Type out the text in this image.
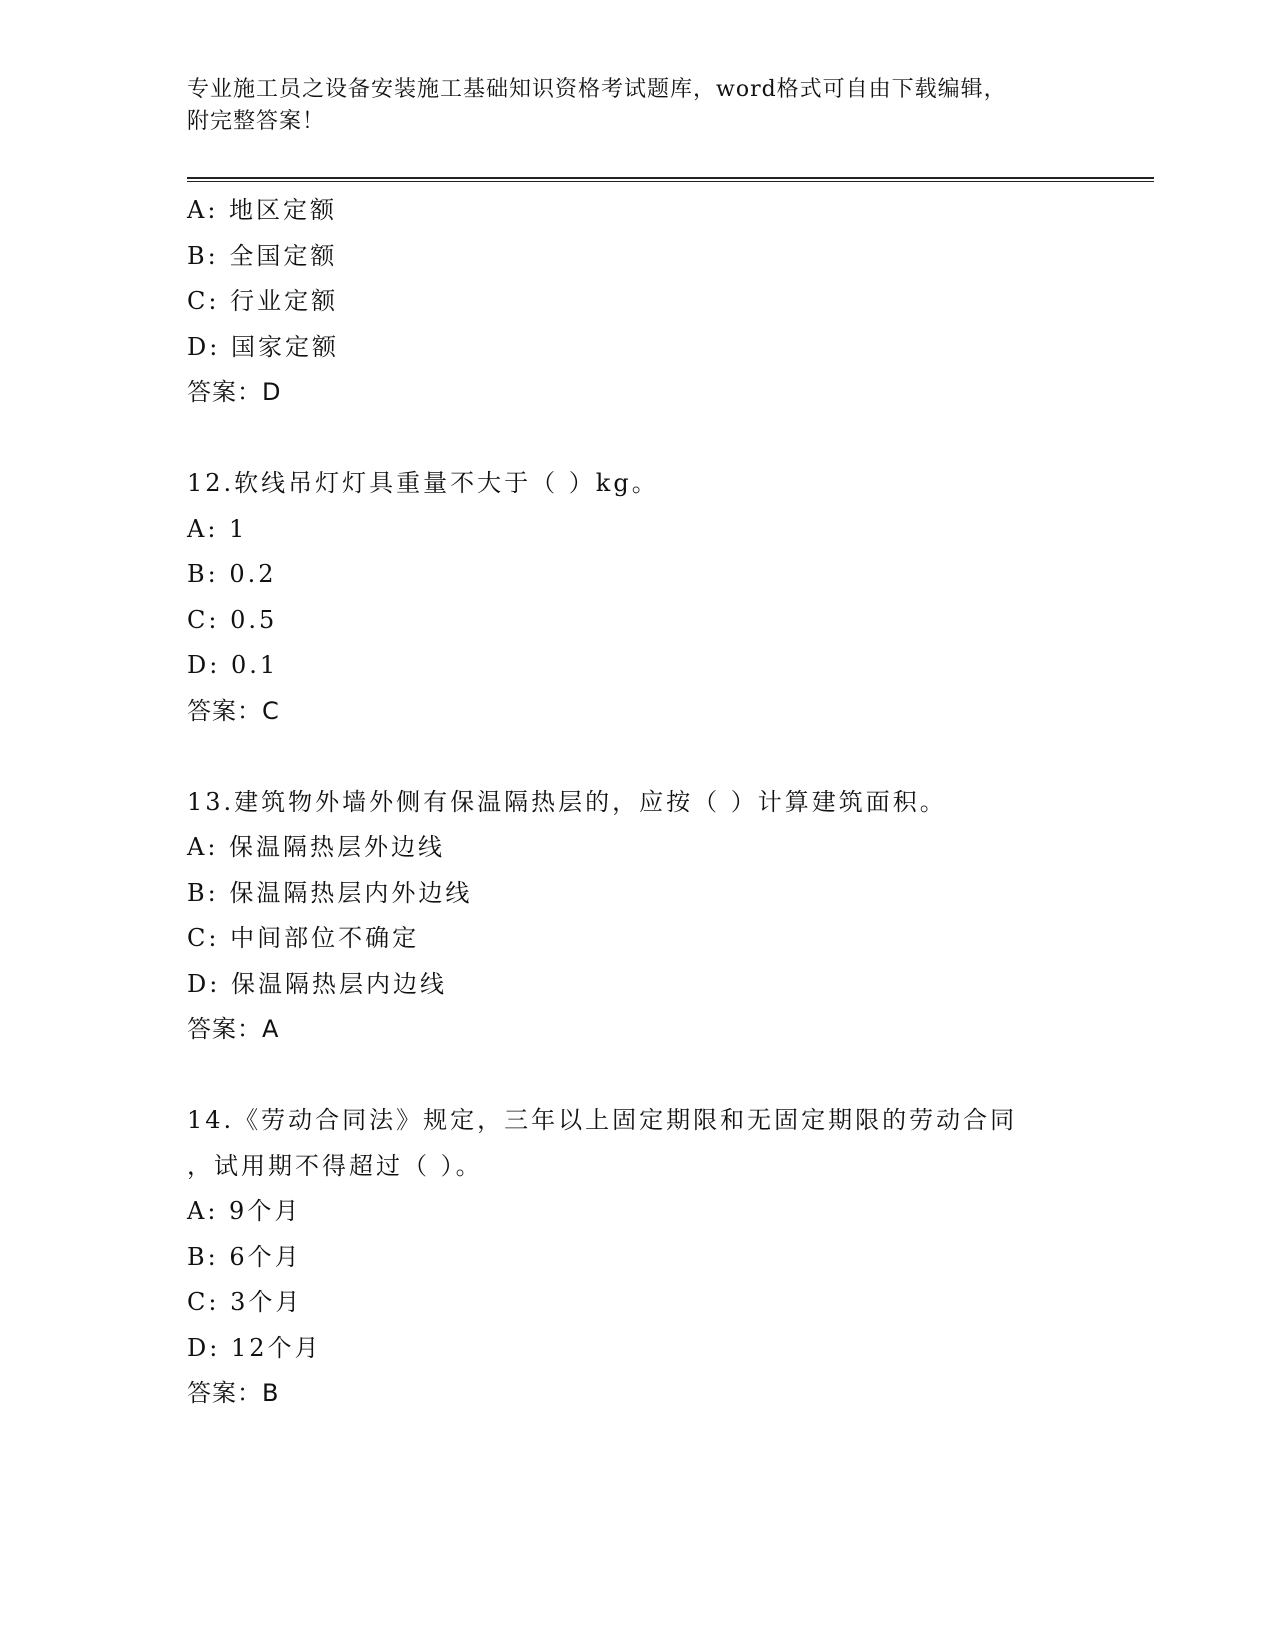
专业施工员之设备安装施工基础知识资格考试题库，word格式可自由下载编辑，
附完整答案！
A: 地区定额
B: 全国定额
C: 行业定额
D: 国家定额
答案：D
12.软线吊灯灯具重量不大于（ ）kg。
A: 1
B: 0.2
C: 0.5
D: 0.1
答案：C
13.建筑物外墙外侧有保温隔热层的，应按（ ）计算建筑面积。
A: 保温隔热层外边线
B: 保温隔热层内外边线
C: 中间部位不确定
D: 保温隔热层内边线
答案：A
14.《劳动合同法》规定，三年以上固定期限和无固定期限的劳动合同
，试用期不得超过（ ）。
A: 9个月
B: 6个月
C: 3个月
D: 12个月
答案：B
